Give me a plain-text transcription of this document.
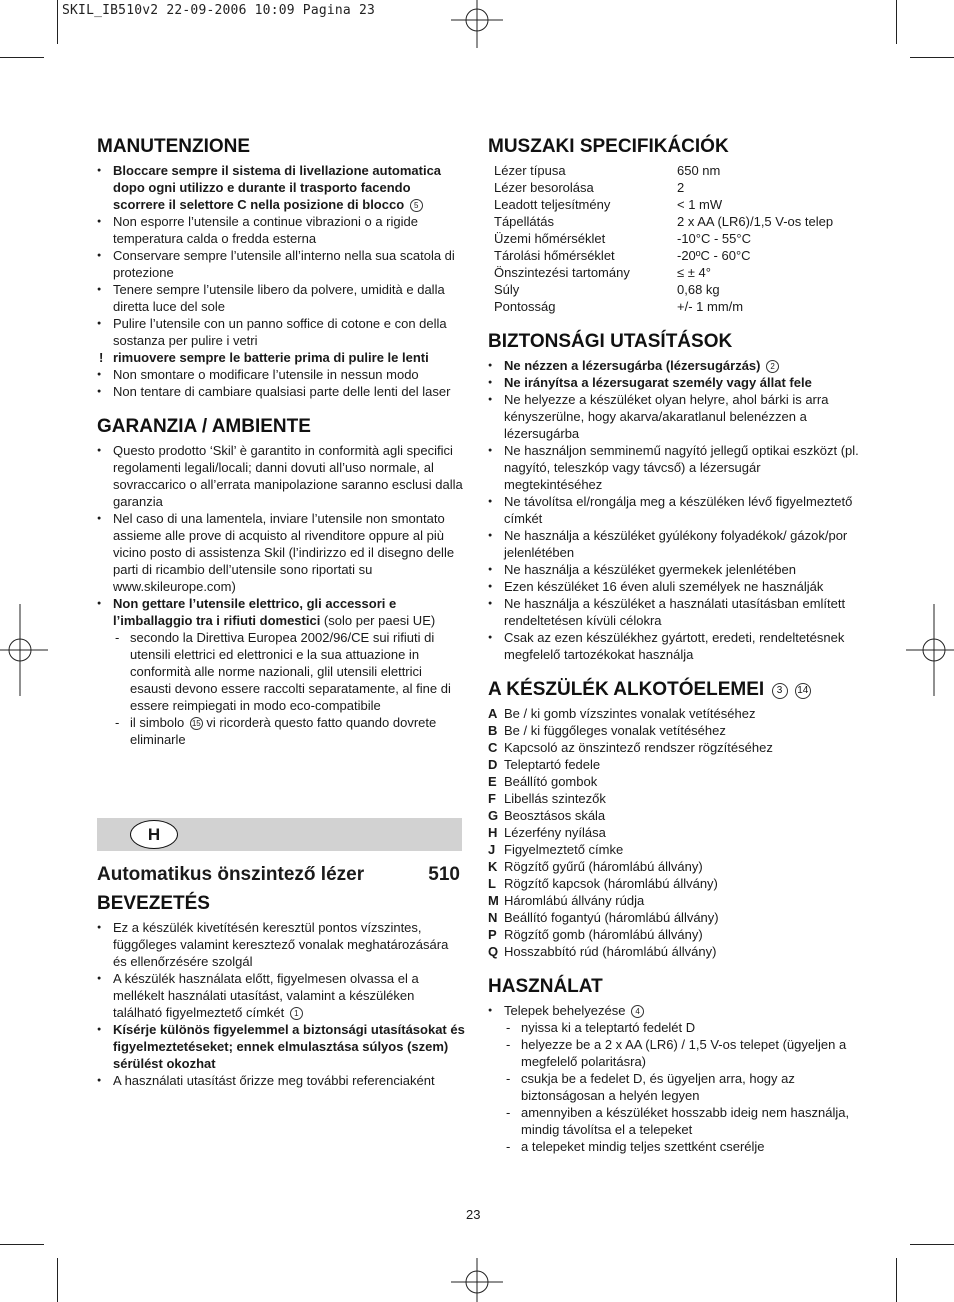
SKIL_IB510v2 22-09-2006 10:09 Pagina 23
MANUTENZIONE
● Bloccare sempre il sistema di livellazione automatica dopo ogni utilizzo e durante il trasporto facendo scorrere il selettore C nella posizione di blocco 5
● Non esporre l’utensile a continue vibrazioni o a rigide temperatura calda o fredda esterna
● Conservare sempre l’utensile all’interno nella sua scatola di protezione
● Tenere sempre l’utensile libero da polvere, umidità e dalla diretta luce del sole
● Pulire l’utensile con un panno soffice di cotone e con della sostanza per pulire i vetri
! rimuovere sempre le batterie prima di pulire le lenti
● Non smontare o modificare l’utensile in nessun modo
● Non tentare di cambiare qualsiasi parte delle lenti del laser
GARANZIA / AMBIENTE
● Questo prodotto ‘Skil’ è garantito in conformità agli specifici regolamenti legali/locali; danni dovuti all’uso normale, al sovraccarico o all’errata manipolazione saranno esclusi dalla garanzia
● Nel caso di una lamentela, inviare l’utensile non smontato assieme alle prove di acquisto al rivenditore oppure al più vicino posto di assistenza Skil (l’indirizzo ed il disegno delle parti di ricambio dell’utensile sono riportati su www.skileurope.com)
● Non gettare l’utensile elettrico, gli accessori e l’imballaggio tra i rifiuti domestici (solo per paesi UE)
- secondo la Direttiva Europea 2002/96/CE sui rifiuti di utensili elettrici ed elettronici e la sua attuazione in conformità alle norme nazionali, glil utensili elettrici esausti devono essere raccolti separatamente, al fine di essere reimpiegati in modo eco-compatibile
- il simbolo 15 vi ricorderà questo fatto quando dovrete eliminarle
H
Automatikus önszintező lézer	510
BEVEZETÉS
● Ez a készülék kivetítésén keresztül pontos vízszintes, függőleges valamint keresztező vonalak meghatározására és ellenőrzésére szolgál
● A készülék használata előtt, figyelmesen olvassa el a mellékelt használati utasítást, valamint a készüléken található figyelmeztető címkét 1
● Kísérje különös figyelemmel a biztonsági utasításokat és figyelmeztetéseket; ennek elmulasztása súlyos (szem) sérülést okozhat
● A használati utasítást őrizze meg további referenciaként
MUSZAKI SPECIFIKÁCIÓK
Lézer típusa	650 nm
Lézer besorolása	2
Leadott teljesítmény	< 1 mW
Tápellátás	2 x AA (LR6)/1,5 V-os telep
Üzemi hőmérséklet	-10°C - 55°C
Tárolási hőmérséklet	-20ºC - 60°C
Önszintezési tartomány	≤ ± 4°
Súly	0,68 kg
Pontosság	+/- 1 mm/m
BIZTONSÁGI UTASÍTÁSOK
● Ne nézzen a lézersugárba (lézersugárzás) 2
● Ne irányítsa a lézersugarat személy vagy állat fele
● Ne helyezze a készüléket olyan helyre, ahol bárki is arra kényszerülne, hogy akarva/akaratlanul belenézzen a lézersugárba
● Ne használjon semminemű nagyító jellegű optikai eszközt (pl. nagyító, teleszkóp vagy távcső) a lézersugár megtekintéséhez
● Ne távolítsa el/rongálja meg a készüléken lévő figyelmeztető címkét
● Ne használja a készüléket gyúlékony folyadékok/ gázok/por jelenlétében
● Ne használja a készüléket gyermekek jelenlétében
● Ezen készüléket 16 éven aluli személyek ne használják
● Ne használja a készüléket a használati utasításban említett rendeltetésen kívüli célokra
● Csak az ezen készülékhez gyártott, eredeti, rendeltetésnek megfelelő tartozékokat használja
A KÉSZÜLÉK ALKOTÓELEMEI 3 14
A Be / ki gomb vízszintes vonalak vetítéséhez
B Be / ki függőleges vonalak vetítéséhez
C Kapcsoló az önszintező rendszer rögzítéséhez
D Teleptartó fedele
E Beállító gombok
F Libellás szintezők
G Beosztásos skála
H Lézerfény nyílása
J Figyelmeztető címke
K Rögzítő gyűrű (háromlábú állvány)
L Rögzítő kapcsok (háromlábú állvány)
M Háromlábú állvány rúdja
N Beállító fogantyú (háromlábú állvány)
P Rögzítő gomb (háromlábú állvány)
Q Hosszabbító rúd (háromlábú állvány)
HASZNÁLAT
● Telepek behelyezése 4
- nyissa ki a teleptartó fedelét D
- helyezze be a 2 x AA (LR6) / 1,5 V-os telepet (ügyeljen a megfelelő polaritásra)
- csukja be a fedelet D, és ügyeljen arra, hogy az biztonságosan a helyén legyen
- amennyiben a készüléket hosszabb ideig nem használja, mindig távolítsa el a telepeket
- a telepeket mindig teljes szettként cserélje
23
